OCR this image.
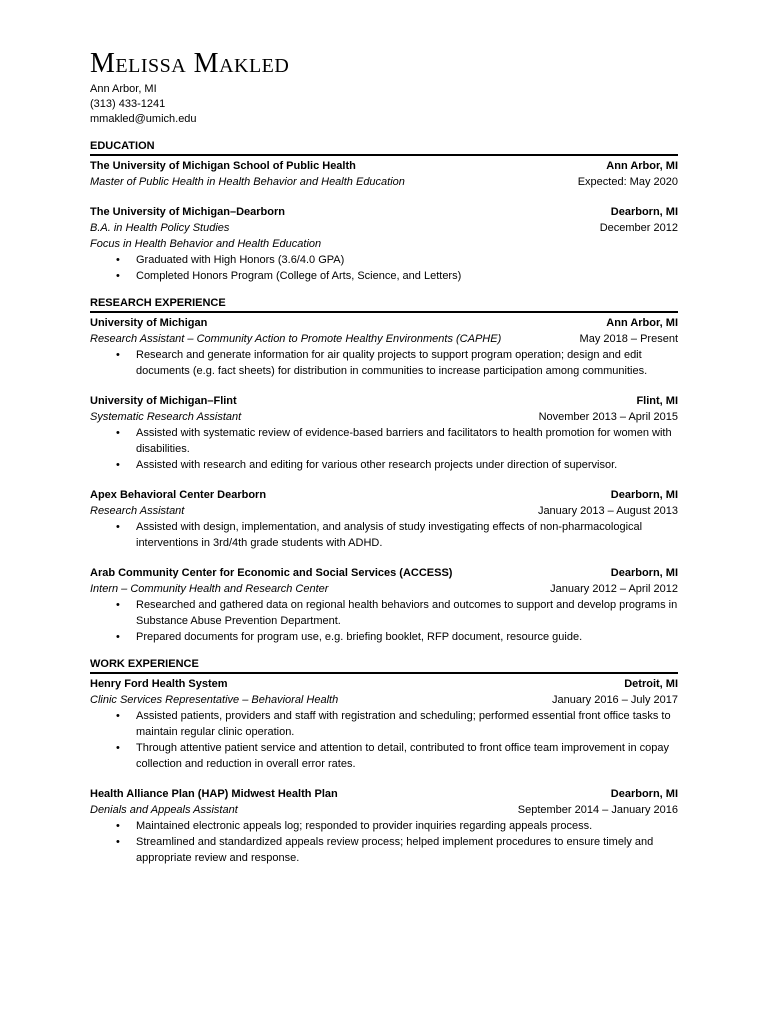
Melissa Makled
Ann Arbor, MI
(313) 433-1241
mmakled@umich.edu
EDUCATION
The University of Michigan School of Public Health	Ann Arbor, MI
Master of Public Health in Health Behavior and Health Education	Expected: May 2020
The University of Michigan–Dearborn	Dearborn, MI
B.A. in Health Policy Studies	December 2012
Focus in Health Behavior and Health Education
• Graduated with High Honors (3.6/4.0 GPA)
• Completed Honors Program (College of Arts, Science, and Letters)
RESEARCH EXPERIENCE
University of Michigan	Ann Arbor, MI
Research Assistant – Community Action to Promote Healthy Environments (CAPHE)	May 2018 – Present
• Research and generate information for air quality projects to support program operation; design and edit documents (e.g. fact sheets) for distribution in communities to increase participation among communities.
University of Michigan–Flint	Flint, MI
Systematic Research Assistant	November 2013 – April 2015
• Assisted with systematic review of evidence-based barriers and facilitators to health promotion for women with disabilities.
• Assisted with research and editing for various other research projects under direction of supervisor.
Apex Behavioral Center Dearborn	Dearborn, MI
Research Assistant	January 2013 – August 2013
• Assisted with design, implementation, and analysis of study investigating effects of non-pharmacological interventions in 3rd/4th grade students with ADHD.
Arab Community Center for Economic and Social Services (ACCESS)	Dearborn, MI
Intern – Community Health and Research Center	January 2012 – April 2012
• Researched and gathered data on regional health behaviors and outcomes to support and develop programs in Substance Abuse Prevention Department.
• Prepared documents for program use, e.g. briefing booklet, RFP document, resource guide.
WORK EXPERIENCE
Henry Ford Health System	Detroit, MI
Clinic Services Representative – Behavioral Health	January 2016 – July 2017
• Assisted patients, providers and staff with registration and scheduling; performed essential front office tasks to maintain regular clinic operation.
• Through attentive patient service and attention to detail, contributed to front office team improvement in copay collection and reduction in overall error rates.
Health Alliance Plan (HAP) Midwest Health Plan	Dearborn, MI
Denials and Appeals Assistant	September 2014 – January 2016
• Maintained electronic appeals log; responded to provider inquiries regarding appeals process.
• Streamlined and standardized appeals review process; helped implement procedures to ensure timely and appropriate review and response.
